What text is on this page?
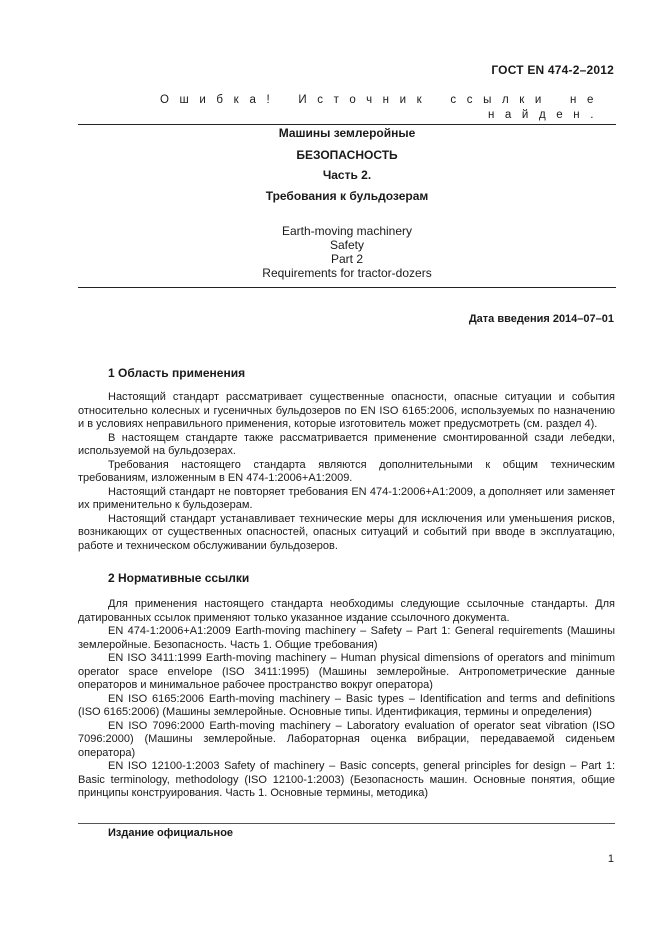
ГОСТ EN 474-2–2012
Ошибка! Источник ссылки не найден.
Машины землеройные
БЕЗОПАСНОСТЬ
Часть 2.
Требования к бульдозерам
Earth-moving machinery
Safety
Part 2
Requirements for tractor-dozers
Дата введения 2014–07–01
1 Область применения

Настоящий стандарт рассматривает существенные опасности, опасные ситуации и события относительно колесных и гусеничных бульдозеров по EN ISO 6165:2006, используемых по назначению и в условиях неправильного применения, которые изготовитель может предусмотреть (см. раздел 4).

В настоящем стандарте также рассматривается применение смонтированной сзади лебедки, используемой на бульдозерах.

Требования настоящего стандарта являются дополнительными к общим техническим требованиям, изложенным в EN 474-1:2006+A1:2009.

Настоящий стандарт не повторяет требования EN 474-1:2006+A1:2009, а дополняет или заменяет их применительно к бульдозерам.

Настоящий стандарт устанавливает технические меры для исключения или уменьшения рисков, возникающих от существенных опасностей, опасных ситуаций и событий при вводе в эксплуатацию, работе и техническом обслуживании бульдозеров.

2 Нормативные ссылки

Для применения настоящего стандарта необходимы следующие ссылочные стандарты. Для датированных ссылок применяют только указанное издание ссылочного документа.

EN 474-1:2006+A1:2009 Earth-moving machinery – Safety – Part 1: General requirements (Машины землеройные. Безопасность. Часть 1. Общие требования)

EN ISO 3411:1999 Earth-moving machinery – Human physical dimensions of operators and minimum operator space envelope (ISO 3411:1995) (Машины землеройные. Антропометрические данные операторов и минимальное рабочее пространство вокруг оператора)

EN ISO 6165:2006 Earth-moving machinery – Basic types – Identification and terms and definitions (ISO 6165:2006) (Машины землеройные. Основные типы. Идентификация, термины и определения)

EN ISO 7096:2000 Earth-moving machinery – Laboratory evaluation of operator seat vibration (ISO 7096:2000) (Машины землеройные. Лабораторная оценка вибрации, передаваемой сиденьем оператора)

EN ISO 12100-1:2003 Safety of machinery – Basic concepts, general principles for design – Part 1: Basic terminology, methodology (ISO 12100-1:2003) (Безопасность машин. Основные понятия, общие принципы конструирования. Часть 1. Основные термины, методика)

Издание официальное
1
